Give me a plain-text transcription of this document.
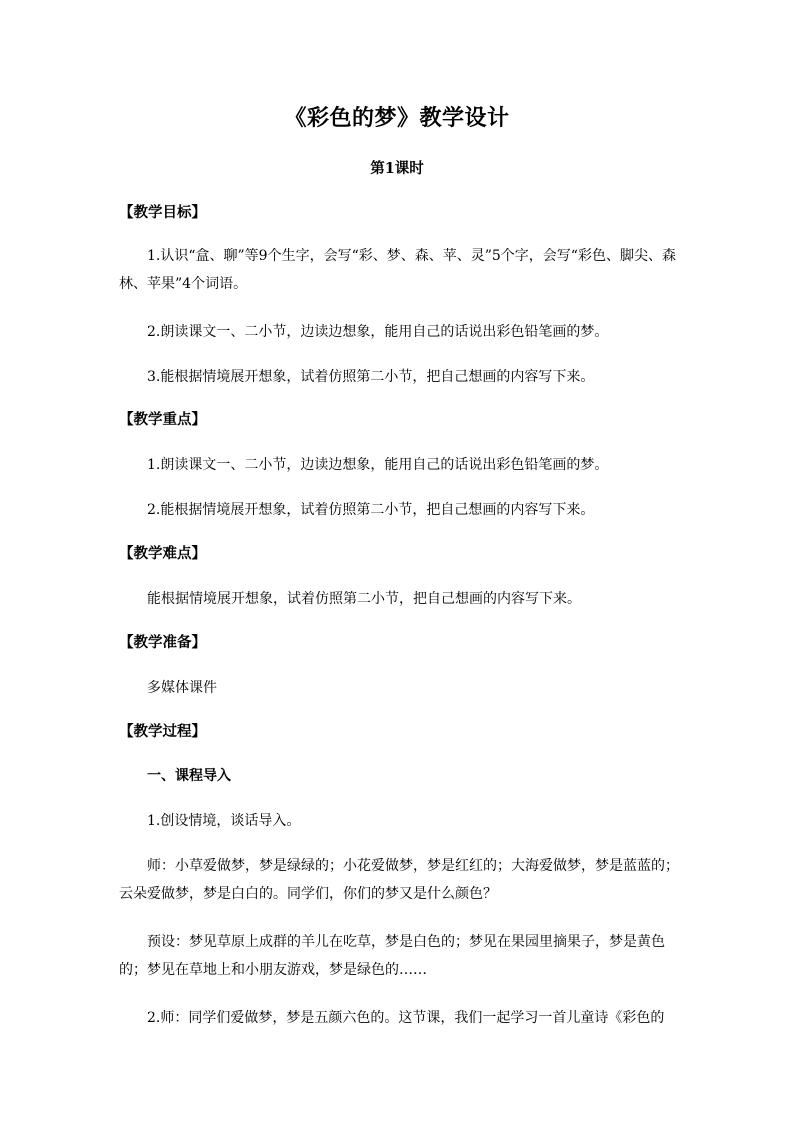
《彩色的梦》教学设计
第1课时
【教学目标】
1.认识“盒、聊”等9个生字，会写“彩、梦、森、苹、灵”5个字，会写“彩色、脚尖、森林、苹果”4个词语。
2.朗读课文一、二小节，边读边想象，能用自己的话说出彩色铅笔画的梦。
3.能根据情境展开想象，试着仿照第二小节，把自己想画的内容写下来。
【教学重点】
1.朗读课文一、二小节，边读边想象，能用自己的话说出彩色铅笔画的梦。
2.能根据情境展开想象，试着仿照第二小节，把自己想画的内容写下来。
【教学难点】
能根据情境展开想象，试着仿照第二小节，把自己想画的内容写下来。
【教学准备】
多媒体课件
【教学过程】
一、课程导入
1.创设情境，谈话导入。
师：小草爱做梦，梦是绿绿的；小花爱做梦，梦是红红的；大海爱做梦，梦是蓝蓝的；云朵爱做梦，梦是白白的。同学们，你们的梦又是什么颜色？
预设：梦见草原上成群的羊儿在吃草，梦是白色的；梦见在果园里摘果子，梦是黄色的；梦见在草地上和小朋友游戏，梦是绿色的……
2.师：同学们爱做梦，梦是五颜六色的。这节课，我们一起学习一首儿童诗《彩色的
